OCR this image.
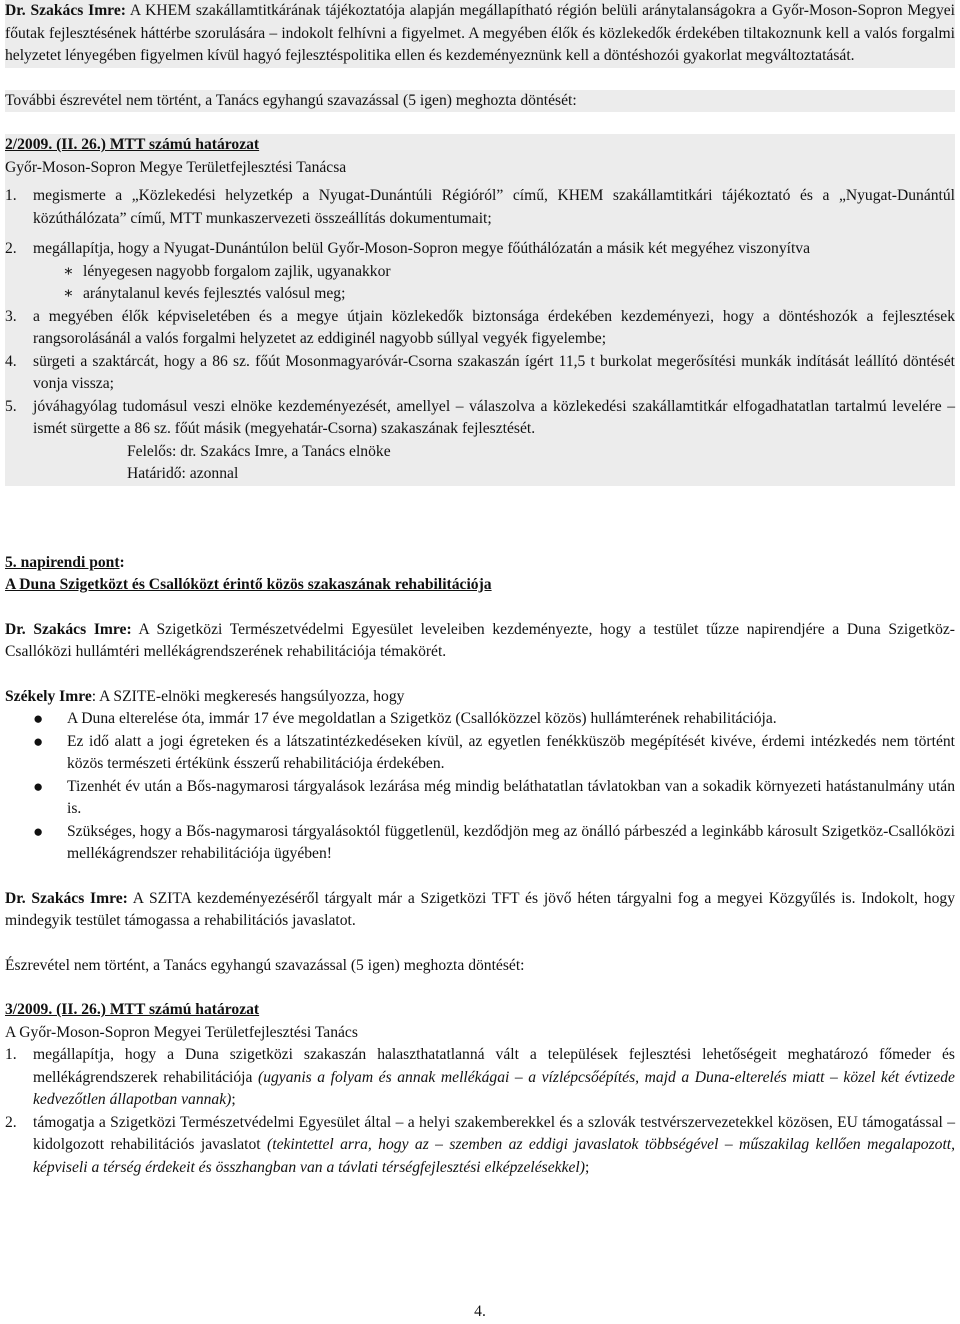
Dr. Szakács Imre: A KHEM szakállamtitkárának tájékoztatója alapján megállapítható régión belüli aránytalanságokra a Győr-Moson-Sopron Megyei főutak fejlesztésének háttérbe szorulására – indokolt felhívni a figyelmet. A megyében élők és közlekedők érdekében tiltakoznunk kell a valós forgalmi helyzetet lényegében figyelmen kívül hagyó fejlesztéspolitika ellen és kezdeményeznünk kell a döntéshozói gyakorlat megváltoztatását.

További észrevétel nem történt, a Tanács egyhangú szavazással (5 igen) meghozta döntését:

2/2009. (II. 26.) MTT számú határozat
Győr-Moson-Sopron Megye Területfejlesztési Tanácsa
1.	megismerte a „Közlekedési helyzetkép a Nyugat-Dunántúli Régióról” című, KHEM szakállamtitkári tájékoztató és a „Nyugat-Dunántúl közúthálózata” című, MTT munkaszervezeti összeállítás dokumentumait;
2.	megállapítja, hogy a Nyugat-Dunántúlon belül Győr-Moson-Sopron megye főúthálózatán a másik két megyéhez viszonyítva
∗ lényegesen nagyobb forgalom zajlik, ugyanakkor
∗ aránytalanul kevés fejlesztés valósul meg;
3.	a megyében élők képviseletében és a megye útjain közlekedők biztonsága érdekében kezdeményezi, hogy a döntéshozók a fejlesztések rangsorolásánál a valós forgalmi helyzetet az eddiginél nagyobb súllyal vegyék figyelembe;
4.	sürgeti a szaktárcát, hogy a 86 sz. főút Mosonmagyaróvár-Csorna szakaszán ígért 11,5 t burkolat megerősítési munkák indítását leállító döntését vonja vissza;
5.	jóváhagyólag tudomásul veszi elnöke kezdeményezését, amellyel – válaszolva a közlekedési szakállamtitkár elfogadhatatlan tartalmú levelére – ismét sürgette a 86 sz. főút másik (megyehatár-Csorna) szakaszának fejlesztését.
Felelős: dr. Szakács Imre, a Tanács elnöke
Határidő: azonnal
5. napirendi pont:
A Duna Szigetközt és Csallóközt érintő közös szakaszának rehabilitációja

Dr. Szakács Imre: A Szigetközi Természetvédelmi Egyesület leveleiben kezdeményezte, hogy a testület tűzze napirendjére a Duna Szigetköz-Csallóközi hullámtéri mellékágrendszerének rehabilitációja témakörét.

Székely Imre: A SZITE-elnöki megkeresés hangsúlyozza, hogy

●	A Duna elterelése óta, immár 17 éve megoldatlan a Szigetköz (Csallóközzel közös) hullámterének rehabilitációja.
●	Ez idő alatt a jogi égreteken és a látszatintézkedéseken kívül, az egyetlen fenékküszöb megépítését kivéve, érdemi intézkedés nem történt közös természeti értékünk ésszerű rehabilitációja érdekében.
●	Tizenhét év után a Bős-nagymarosi tárgyalások lezárása még mindig beláthatatlan távlatokban van a sokadik környezeti hatástanulmány után is.
●	Szükséges, hogy a Bős-nagymarosi tárgyalásoktól függetlenül, kezdődjön meg az önálló párbeszéd a leginkább károsult Szigetköz-Csallóközi mellékágrendszer rehabilitációja ügyében!

Dr. Szakács Imre: A SZITA kezdeményezéséről tárgyalt már a Szigetközi TFT és jövő héten tárgyalni fog a megyei Közgyűlés is. Indokolt, hogy mindegyik testület támogassa a rehabilitációs javaslatot.

Észrevétel nem történt, a Tanács egyhangú szavazással (5 igen) meghozta döntését:

3/2009. (II. 26.) MTT számú határozat
A Győr-Moson-Sopron Megyei Területfejlesztési Tanács
1.	megállapítja, hogy a Duna szigetközi szakaszán halaszthatatlanná vált a települések fejlesztési lehetőségeit meghatározó főmeder és mellékágrendszerek rehabilitációja (ugyanis a folyam és annak mellékágai – a vízlépcsőépítés, majd a Duna-elterelés miatt – közel két évtizede kedvezőtlen állapotban vannak);
2.	támogatja a Szigetközi Természetvédelmi Egyesület által – a helyi szakemberekkel és a szlovák testvérszervezetekkel közösen, EU támogatással – kidolgozott rehabilitációs javaslatot (tekintettel arra, hogy az – szemben az eddigi javaslatok többségével – műszakilag kellően megalapozott, képviseli a térség érdekeit és összhangban van a távlati térségfejlesztési elképzelésekkel);
4.
